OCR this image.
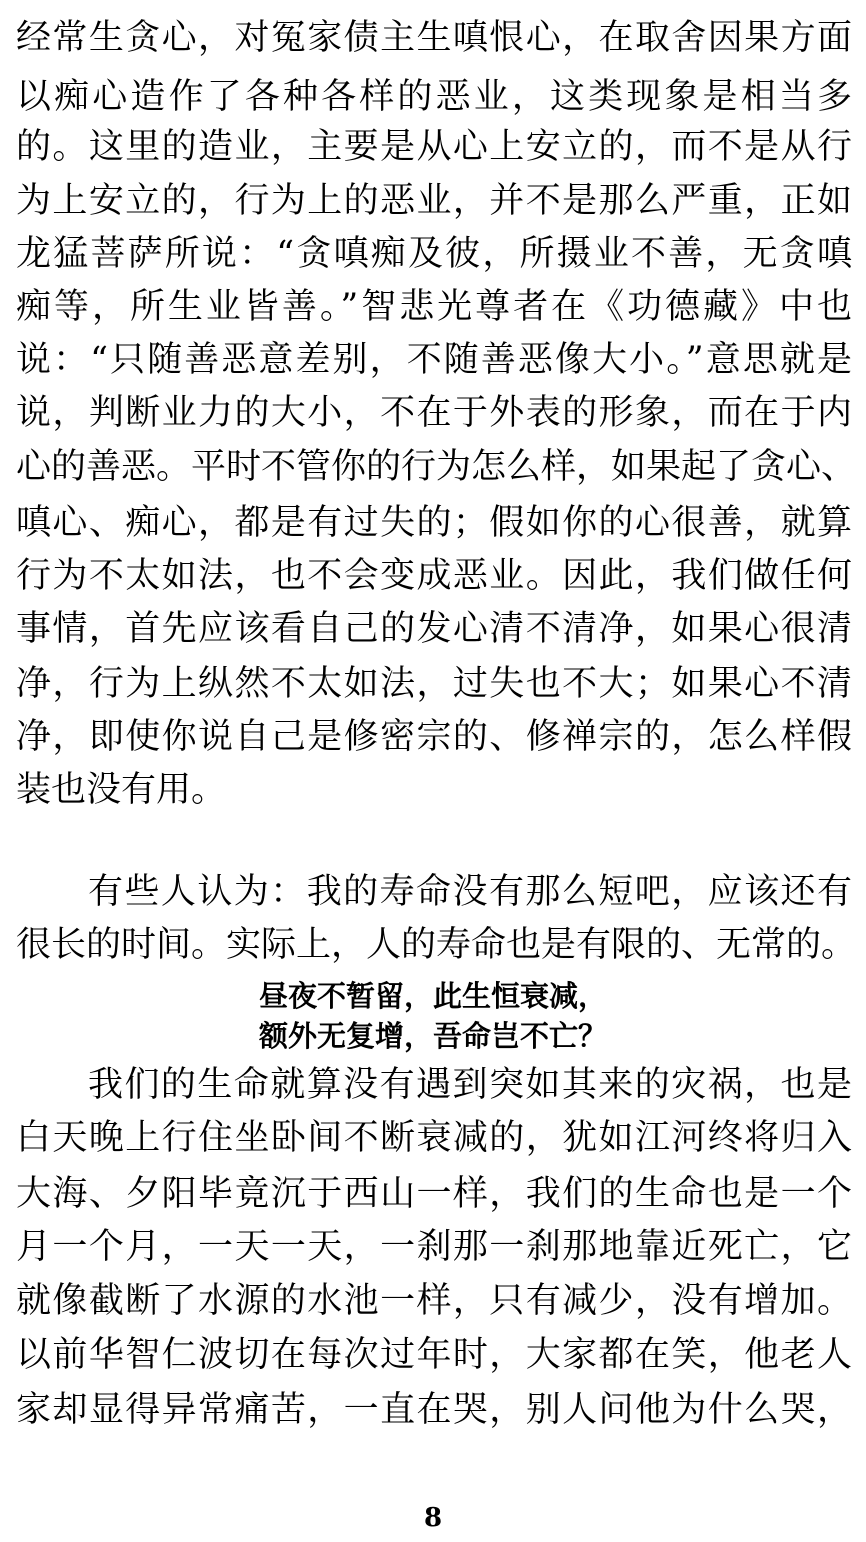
经常生贪心，对冤家债主生嗔恨心，在取舍因果方面
以痴心造作了各种各样的恶业，这类现象是相当多
的。这里的造业，主要是从心上安立的，而不是从行
为上安立的，行为上的恶业，并不是那么严重，正如
龙猛菩萨所说：“贪嗔痴及彼，所摄业不善，无贪嗔
痴等，所生业皆善。”智悲光尊者在《功德藏》中也
说：“只随善恶意差别，不随善恶像大小。”意思就是
说，判断业力的大小，不在于外表的形象，而在于内
心的善恶。平时不管你的行为怎么样，如果起了贪心、
嗔心、痴心，都是有过失的；假如你的心很善，就算
行为不太如法，也不会变成恶业。因此，我们做任何
事情，首先应该看自己的发心清不清净，如果心很清
净，行为上纵然不太如法，过失也不大；如果心不清
净，即使你说自己是修密宗的、修禅宗的，怎么样假
装也没有用。
有些人认为：我的寿命没有那么短吧，应该还有
很长的时间。实际上，人的寿命也是有限的、无常的。
昼夜不暂留，此生恒衰减，
额外无复增，吾命岂不亡？
我们的生命就算没有遇到突如其来的灾祸，也是
白天晚上行住坐卧间不断衰减的，犹如江河终将归入
大海、夕阳毕竟沉于西山一样，我们的生命也是一个
月一个月，一天一天，一刹那一刹那地靠近死亡，它
就像截断了水源的水池一样，只有减少，没有增加。
以前华智仁波切在每次过年时，大家都在笑，他老人
家却显得异常痛苦，一直在哭，别人问他为什么哭，
8
